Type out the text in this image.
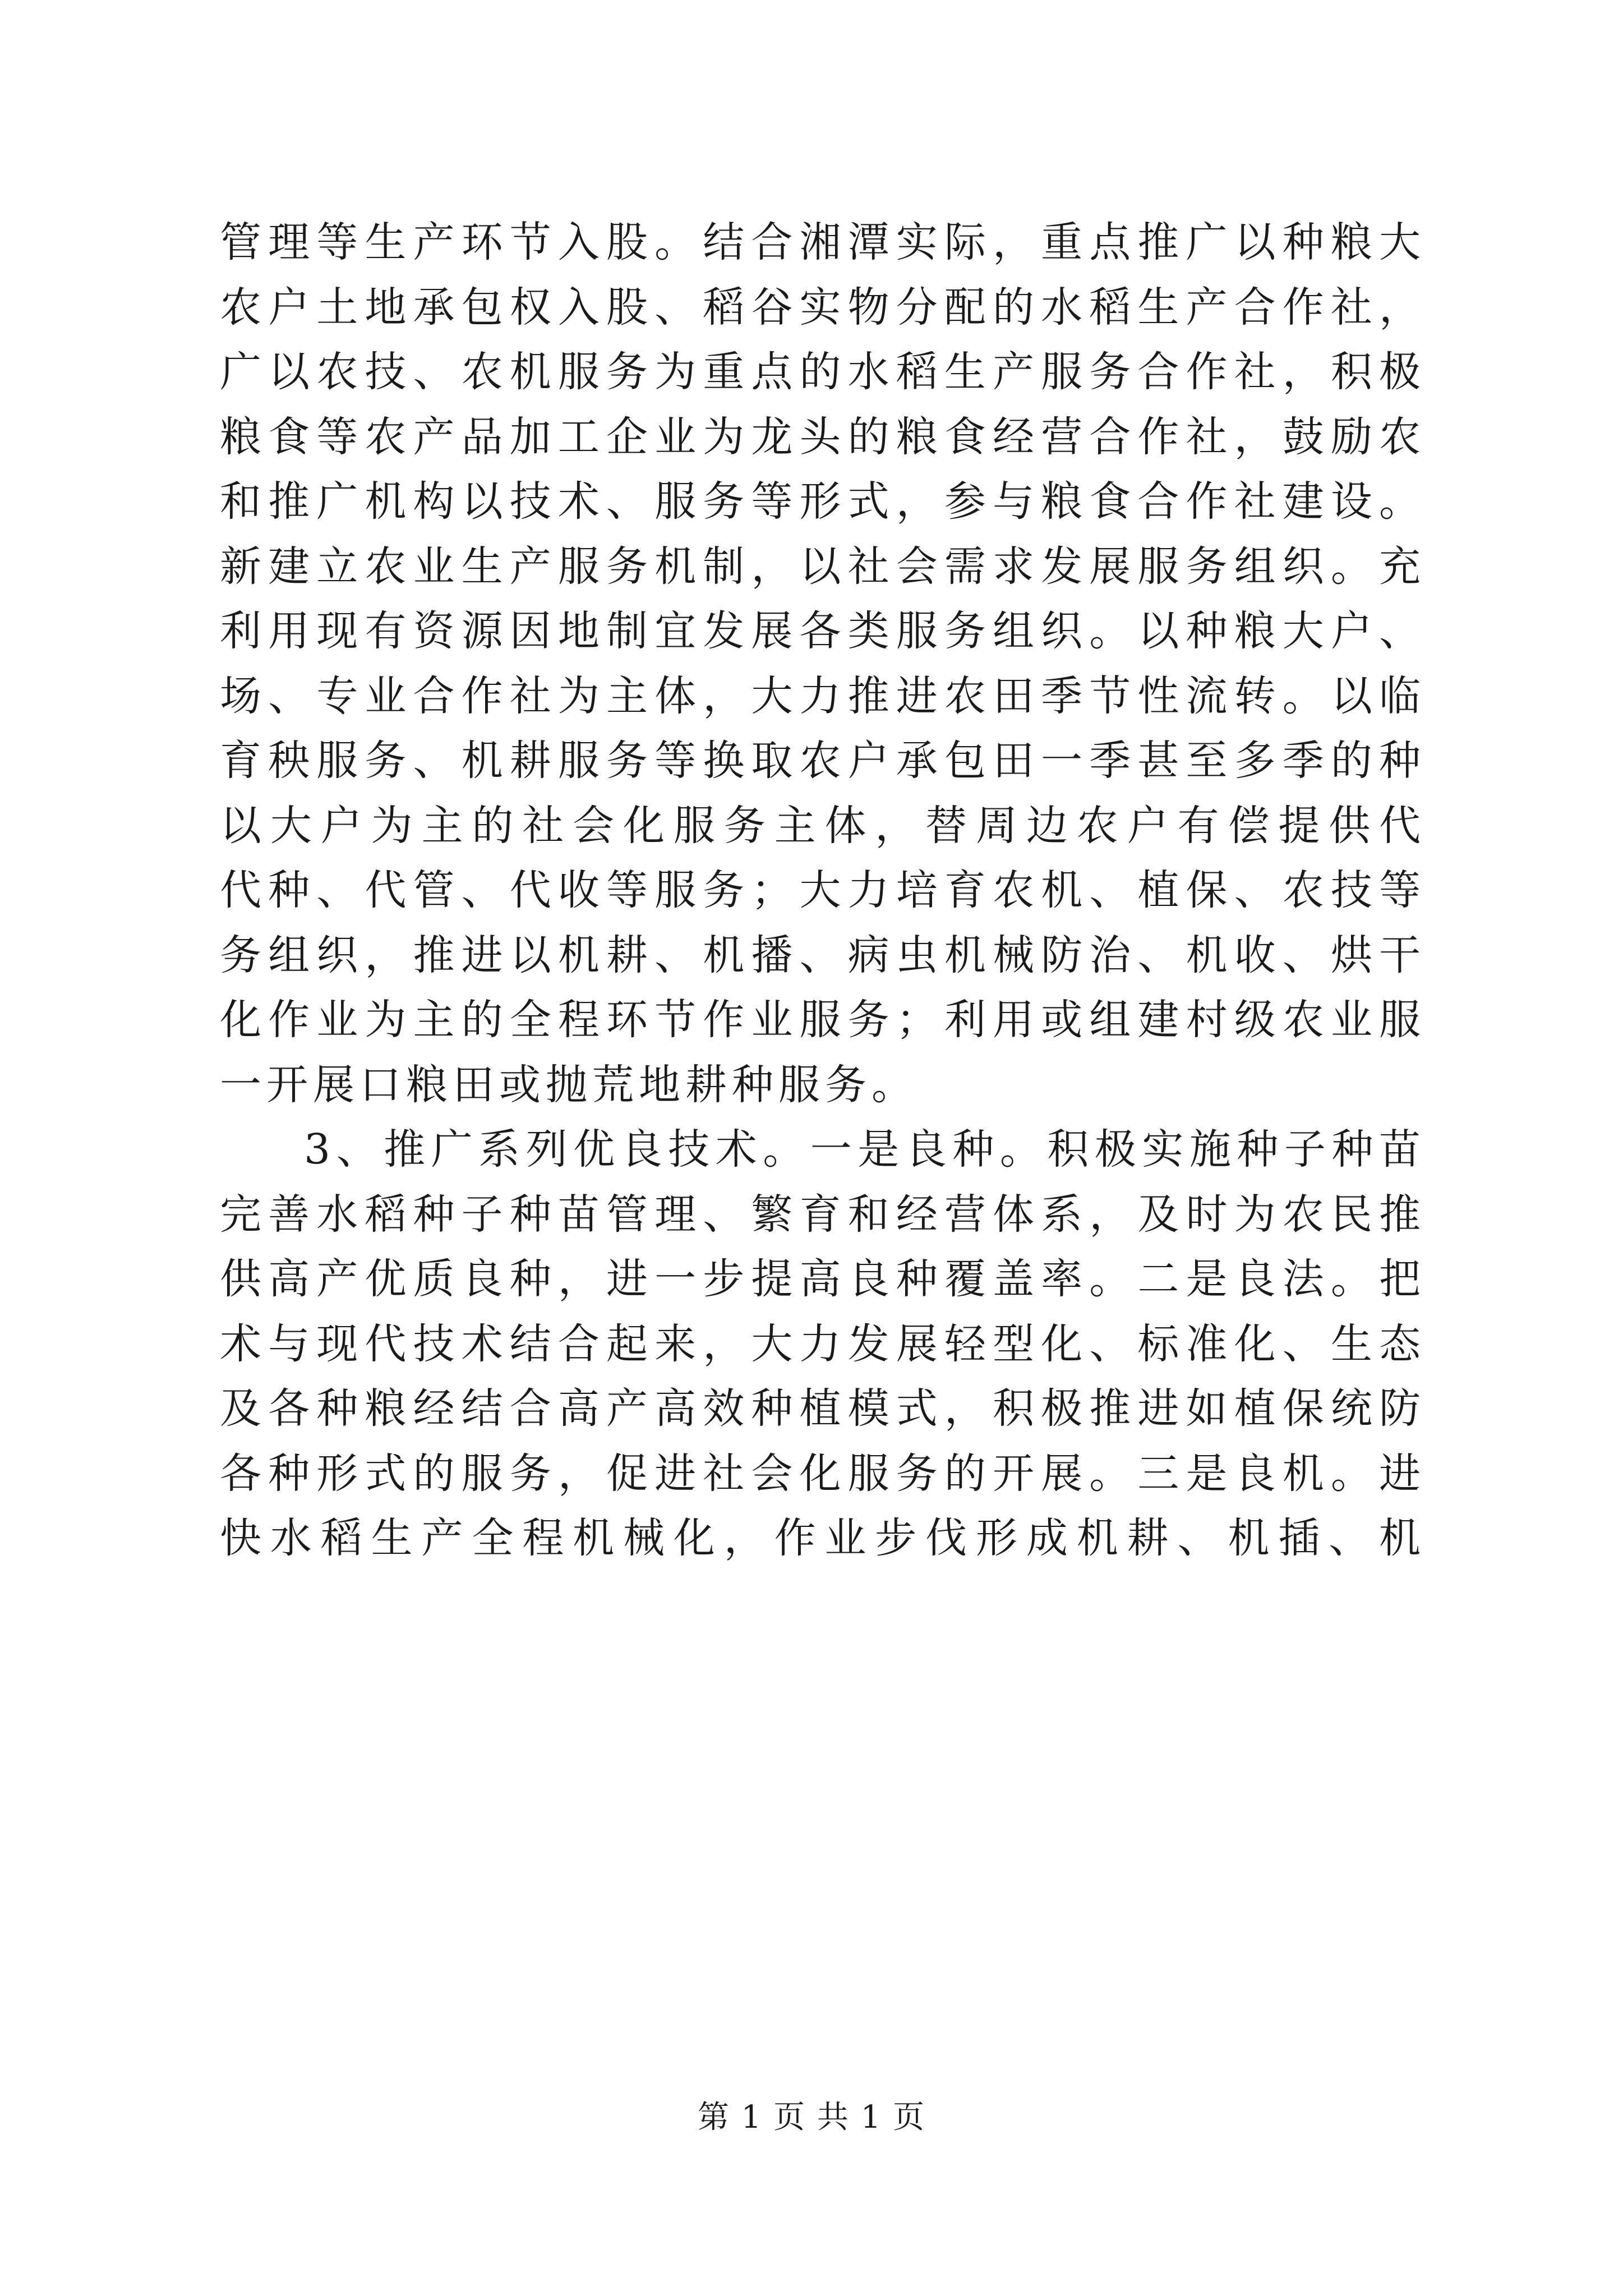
管理等生产环节入股。结合湘潭实际，重点推广以种粮大
农户土地承包权入股、稻谷实物分配的水稻生产合作社，
广以农技、农机服务为重点的水稻生产服务合作社，积极
粮食等农产品加工企业为龙头的粮食经营合作社，鼓励农
和推广机构以技术、服务等形式，参与粮食合作社建设。
新建立农业生产服务机制，以社会需求发展服务组织。充
利用现有资源因地制宜发展各类服务组织。以种粮大户、
场、专业合作社为主体，大力推进农田季节性流转。以临
育秧服务、机耕服务等换取农户承包田一季甚至多季的种
以大户为主的社会化服务主体，替周边农户有偿提供代
代种、代管、代收等服务；大力培育农机、植保、农技等
务组织，推进以机耕、机播、病虫机械防治、机收、烘干
化作业为主的全程环节作业服务；利用或组建村级农业服
一开展口粮田或抛荒地耕种服务。
3、推广系列优良技术。一是良种。积极实施种子种苗
完善水稻种子种苗管理、繁育和经营体系，及时为农民推
供高产优质良种，进一步提高良种覆盖率。二是良法。把
术与现代技术结合起来，大力发展轻型化、标准化、生态
及各种粮经结合高产高效种植模式，积极推进如植保统防
各种形式的服务，促进社会化服务的开展。三是良机。进
快水稻生产全程机械化，作业步伐形成机耕、机插、机
第 1 页 共 1 页
